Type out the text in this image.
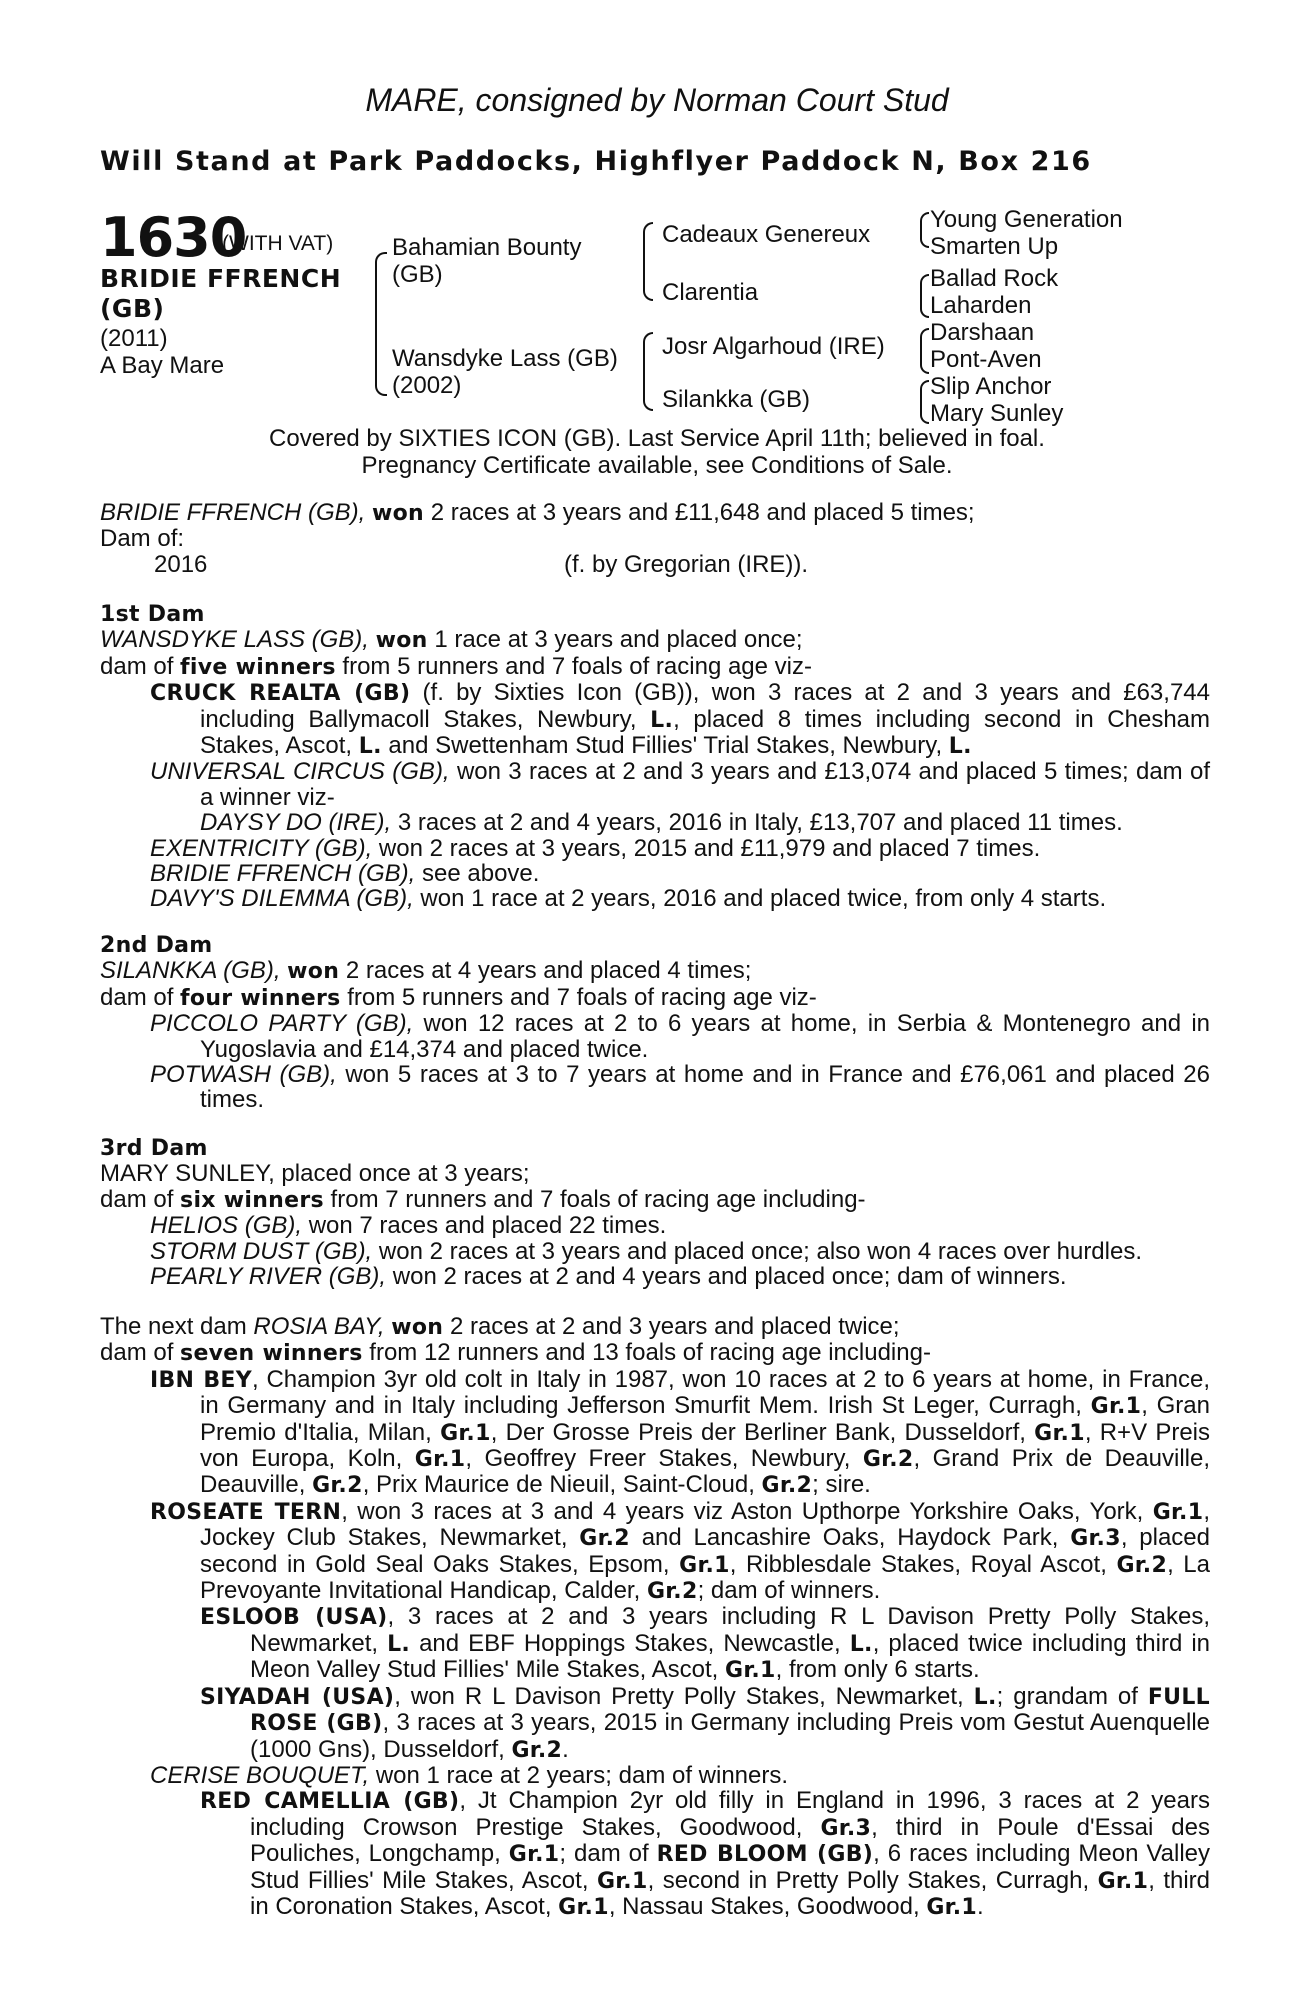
MARE, consigned by Norman Court Stud
Will Stand at Park Paddocks, Highflyer Paddock N, Box 216
1630
(WITH VAT)
BRIDIE FFRENCH
(GB)
(2011)
A Bay Mare
Bahamian Bounty
(GB)
Wansdyke Lass (GB)
(2002)
Cadeaux Genereux
Clarentia
Josr Algarhoud (IRE)
Silankka (GB)
Young Generation
Smarten Up
Ballad Rock
Laharden
Darshaan
Pont-Aven
Slip Anchor
Mary Sunley
Covered by SIXTIES ICON (GB). Last Service April 11th; believed in foal.
Pregnancy Certificate available, see Conditions of Sale.

BRIDIE FFRENCH (GB), won 2 races at 3 years and £11,648 and placed 5 times;

Dam of:

2016	(f. by Gregorian (IRE)).

1st Dam

WANSDYKE LASS (GB), won 1 race at 3 years and placed once;

dam of five winners from 5 runners and 7 foals of racing age viz-

CRUCK REALTA (GB) (f. by Sixties Icon (GB)), won 3 races at 2 and 3 years and £63,744 including Ballymacoll Stakes, Newbury, L., placed 8 times including second in Chesham Stakes, Ascot, L. and Swettenham Stud Fillies' Trial Stakes, Newbury, L.

UNIVERSAL CIRCUS (GB), won 3 races at 2 and 3 years and £13,074 and placed 5 times; dam of a winner viz-

DAYSY DO (IRE), 3 races at 2 and 4 years, 2016 in Italy, £13,707 and placed 11 times.

EXENTRICITY (GB), won 2 races at 3 years, 2015 and £11,979 and placed 7 times.

BRIDIE FFRENCH (GB), see above.

DAVY'S DILEMMA (GB), won 1 race at 2 years, 2016 and placed twice, from only 4 starts.

2nd Dam

SILANKKA (GB), won 2 races at 4 years and placed 4 times;

dam of four winners from 5 runners and 7 foals of racing age viz-

PICCOLO PARTY (GB), won 12 races at 2 to 6 years at home, in Serbia & Montenegro and in Yugoslavia and £14,374 and placed twice.

POTWASH (GB), won 5 races at 3 to 7 years at home and in France and £76,061 and placed 26 times.

3rd Dam

MARY SUNLEY, placed once at 3 years;

dam of six winners from 7 runners and 7 foals of racing age including-

HELIOS (GB), won 7 races and placed 22 times.

STORM DUST (GB), won 2 races at 3 years and placed once; also won 4 races over hurdles.

PEARLY RIVER (GB), won 2 races at 2 and 4 years and placed once; dam of winners.

The next dam ROSIA BAY, won 2 races at 2 and 3 years and placed twice;

dam of seven winners from 12 runners and 13 foals of racing age including-

IBN BEY, Champion 3yr old colt in Italy in 1987, won 10 races at 2 to 6 years at home, in France, in Germany and in Italy including Jefferson Smurfit Mem. Irish St Leger, Curragh, Gr.1, Gran Premio d'Italia, Milan, Gr.1, Der Grosse Preis der Berliner Bank, Dusseldorf, Gr.1, R+V Preis von Europa, Koln, Gr.1, Geoffrey Freer Stakes, Newbury, Gr.2, Grand Prix de Deauville, Deauville, Gr.2, Prix Maurice de Nieuil, Saint-Cloud, Gr.2; sire.

ROSEATE TERN, won 3 races at 3 and 4 years viz Aston Upthorpe Yorkshire Oaks, York, Gr.1, Jockey Club Stakes, Newmarket, Gr.2 and Lancashire Oaks, Haydock Park, Gr.3, placed second in Gold Seal Oaks Stakes, Epsom, Gr.1, Ribblesdale Stakes, Royal Ascot, Gr.2, La Prevoyante Invitational Handicap, Calder, Gr.2; dam of winners.

ESLOOB (USA), 3 races at 2 and 3 years including R L Davison Pretty Polly Stakes, Newmarket, L. and EBF Hoppings Stakes, Newcastle, L., placed twice including third in Meon Valley Stud Fillies' Mile Stakes, Ascot, Gr.1, from only 6 starts.

SIYADAH (USA), won R L Davison Pretty Polly Stakes, Newmarket, L.; grandam of FULL ROSE (GB), 3 races at 3 years, 2015 in Germany including Preis vom Gestut Auenquelle (1000 Gns), Dusseldorf, Gr.2.

CERISE BOUQUET, won 1 race at 2 years; dam of winners.

RED CAMELLIA (GB), Jt Champion 2yr old filly in England in 1996, 3 races at 2 years including Crowson Prestige Stakes, Goodwood, Gr.3, third in Poule d'Essai des Pouliches, Longchamp, Gr.1; dam of RED BLOOM (GB), 6 races including Meon Valley Stud Fillies' Mile Stakes, Ascot, Gr.1, second in Pretty Polly Stakes, Curragh, Gr.1, third in Coronation Stakes, Ascot, Gr.1, Nassau Stakes, Goodwood, Gr.1.
